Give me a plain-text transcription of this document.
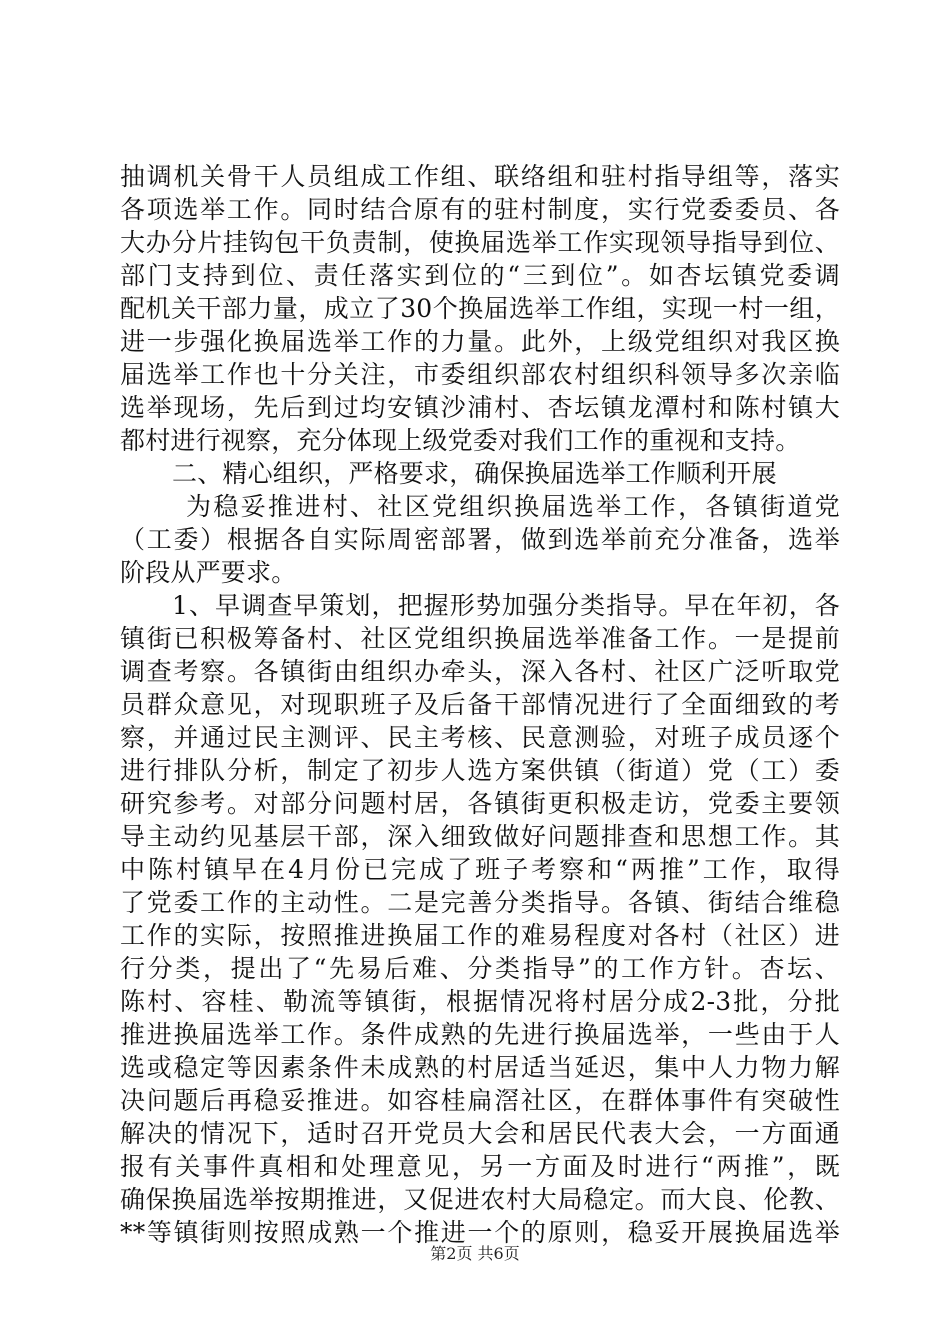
抽调机关骨干人员组成工作组、联络组和驻村指导组等，落实
各项选举工作。同时结合原有的驻村制度，实行党委委员、各
大办分片挂钩包干负责制，使换届选举工作实现领导指导到位、
部门支持到位、责任落实到位的“三到位”。如杏坛镇党委调
配机关干部力量，成立了30个换届选举工作组，实现一村一组，
进一步强化换届选举工作的力量。此外，上级党组织对我区换
届选举工作也十分关注，市委组织部农村组织科领导多次亲临
选举现场，先后到过均安镇沙浦村、杏坛镇龙潭村和陈村镇大
都村进行视察，充分体现上级党委对我们工作的重视和支持。
二、精心组织，严格要求，确保换届选举工作顺利开展
为稳妥推进村、社区党组织换届选举工作，各镇街道党
（工委）根据各自实际周密部署，做到选举前充分准备，选举
阶段从严要求。
1、早调查早策划，把握形势加强分类指导。早在年初，各
镇街已积极筹备村、社区党组织换届选举准备工作。一是提前
调查考察。各镇街由组织办牵头，深入各村、社区广泛听取党
员群众意见，对现职班子及后备干部情况进行了全面细致的考
察，并通过民主测评、民主考核、民意测验，对班子成员逐个
进行排队分析，制定了初步人选方案供镇（街道）党（工）委
研究参考。对部分问题村居，各镇街更积极走访，党委主要领
导主动约见基层干部，深入细致做好问题排查和思想工作。其
中陈村镇早在4月份已完成了班子考察和“两推”工作，取得
了党委工作的主动性。二是完善分类指导。各镇、街结合维稳
工作的实际，按照推进换届工作的难易程度对各村（社区）进
行分类，提出了“先易后难、分类指导”的工作方针。杏坛、
陈村、容桂、勒流等镇街，根据情况将村居分成2-3批，分批
推进换届选举工作。条件成熟的先进行换届选举，一些由于人
选或稳定等因素条件未成熟的村居适当延迟，集中人力物力解
决问题后再稳妥推进。如容桂扁滘社区，在群体事件有突破性
解决的情况下，适时召开党员大会和居民代表大会，一方面通
报有关事件真相和处理意见，另一方面及时进行“两推”，既
确保换届选举按期推进，又促进农村大局稳定。而大良、伦教、
**等镇街则按照成熟一个推进一个的原则，稳妥开展换届选举
第2页 共6页
